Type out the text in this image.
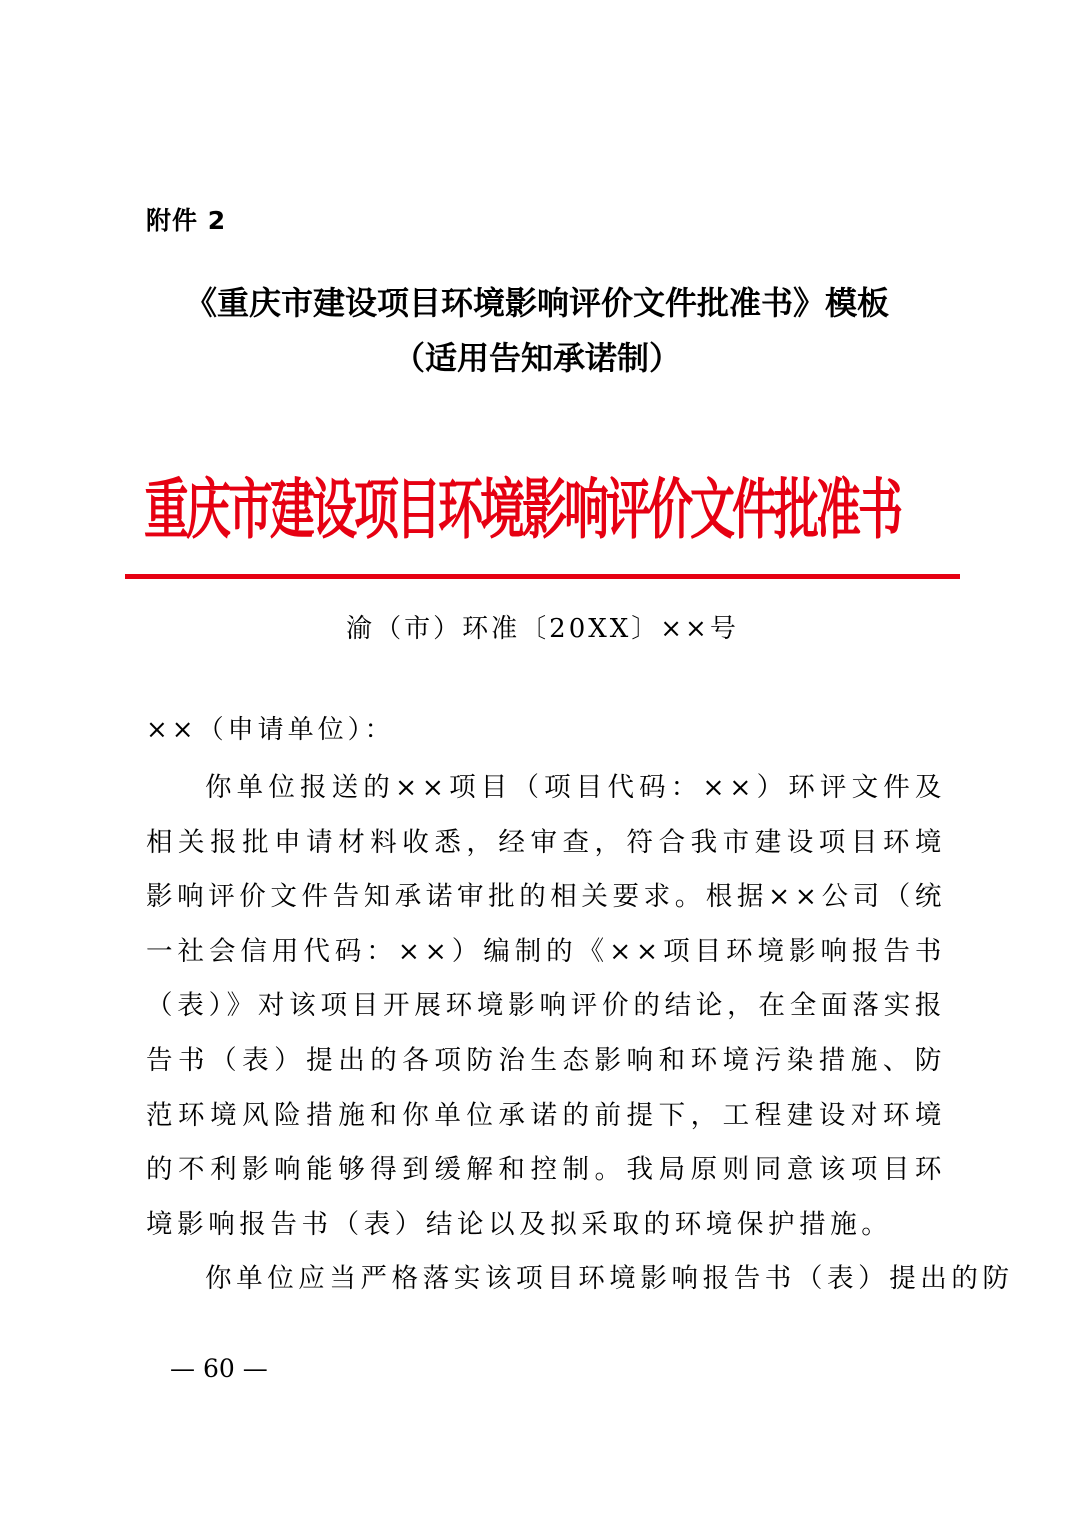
附件 2
《重庆市建设项目环境影响评价文件批准书》模板
（适用告知承诺制）
重庆市建设项目环境影响评价文件批准书
渝（市）环准〔20XX〕××号
××（申请单位）：

你单位报送的××项目（项目代码：××）环评文件及相关报批申请材料收悉，经审查，符合我市建设项目环境影响评价文件告知承诺审批的相关要求。根据××公司（统一社会信用代码：××）编制的《××项目环境影响报告书（表）》对该项目开展环境影响评价的结论，在全面落实报告书（表）提出的各项防治生态影响和环境污染措施、防范环境风险措施和你单位承诺的前提下，工程建设对环境的不利影响能够得到缓解和控制。我局原则同意该项目环境影响报告书（表）结论以及拟采取的环境保护措施。

你单位应当严格落实该项目环境影响报告书（表）提出的防

— 60 —
